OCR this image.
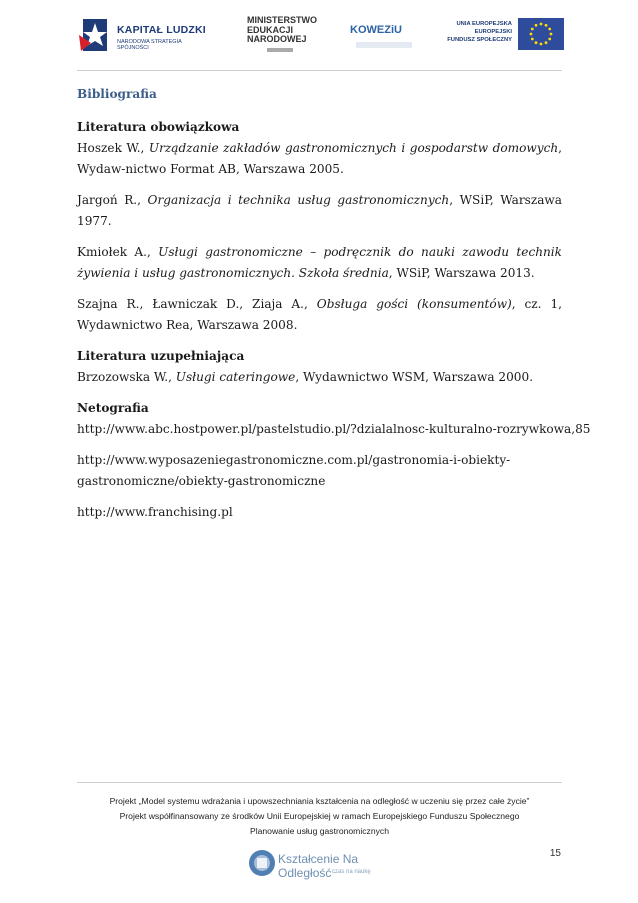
KAPITAŁ LUDZKI
NARODOWA STRATEGIA SPÓJNOŚCI
MINISTERSTWO
EDUKACJI
NARODOWEJ
KOWEZiU	UNIA EUROPEJSKA
EUROPEJSKI
FUNDUSZ SPOŁECZNY
Bibliografia
Literatura obowiązkowa
Hoszek W., Urządzanie zakładów gastronomicznych i gospodarstw domowych, Wydaw-nictwo Format AB, Warszawa 2005.
Jargoń R., Organizacja i technika usług gastronomicznych, WSiP, Warszawa 1977.
Kmiołek A., Usługi gastronomiczne – podręcznik do nauki zawodu technik żywienia i usług gastronomicznych. Szkoła średnia, WSiP, Warszawa 2013.
Szajna R., Ławniczak D., Ziaja A., Obsługa gości (konsumentów), cz. 1, Wydawnictwo Rea, Warszawa 2008.
Literatura uzupełniająca
Brzozowska W., Usługi cateringowe, Wydawnictwo WSM, Warszawa 2000.
Netografia
http://www.abc.hostpower.pl/pastelstudio.pl/?dzialalnosc-kulturalno-rozrywkowa,85
http://www.wyposazeniegastronomiczne.com.pl/gastronomia-i-obiekty-gastronomiczne/obiekty-gastronomiczne
http://www.franchising.pl
Projekt „Model systemu wdrażania i upowszechniania kształcenia na odległość w uczeniu się przez całe życie”
Projekt współfinansowany ze środków Unii Europejskiej w ramach Europejskiego Funduszu Społecznego
Planowanie usług gastronomicznych
Kształcenie Na Odległość czas na naukę
15
